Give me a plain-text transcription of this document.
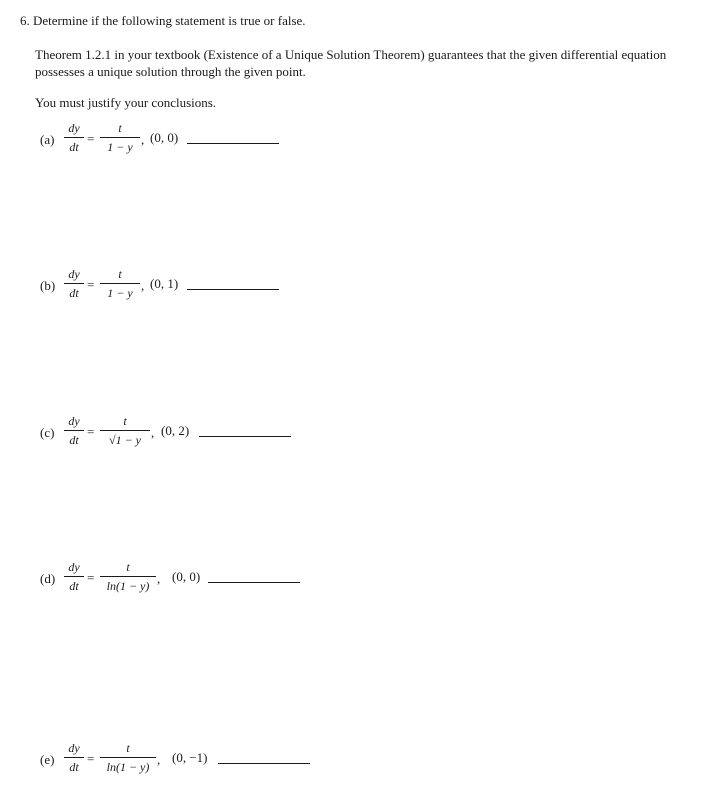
6. Determine if the following statement is true or false.
Theorem 1.2.1 in your textbook (Existence of a Unique Solution Theorem) guarantees that the given differential equation possesses a unique solution through the given point.
You must justify your conclusions.
(a)
dy
dt
=
t
1 − y , (0, 0)
(b)
dy
dt
=
t
1 − y , (0, 1)
(c)
dy
dt
=
t
√1 − y , (0, 2)
(d)
dy
dt
=
t
ln(1 − y) , (0, 0)
(e)
dy
dt
=
t
ln(1 − y) , (0, −1)
